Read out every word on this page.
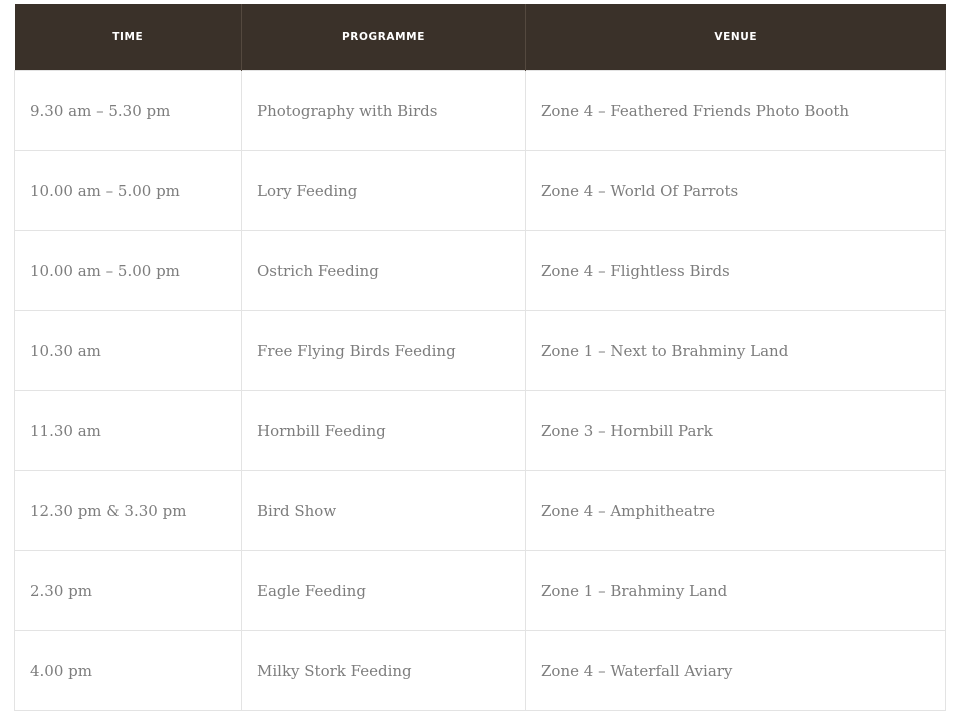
TIME	PROGRAMME	VENUE
9.30 am – 5.30 pm	Photography with Birds	Zone 4 – Feathered Friends Photo Booth
10.00 am – 5.00 pm	Lory Feeding	Zone 4 – World Of Parrots
10.00 am – 5.00 pm	Ostrich Feeding	Zone 4 – Flightless Birds
10.30 am	Free Flying Birds Feeding	Zone 1 – Next to Brahminy Land
11.30 am	Hornbill Feeding	Zone 3 – Hornbill Park
12.30 pm & 3.30 pm	Bird Show	Zone 4 – Amphitheatre
2.30 pm	Eagle Feeding	Zone 1 – Brahminy Land
4.00 pm	Milky Stork Feeding	Zone 4 – Waterfall Aviary
